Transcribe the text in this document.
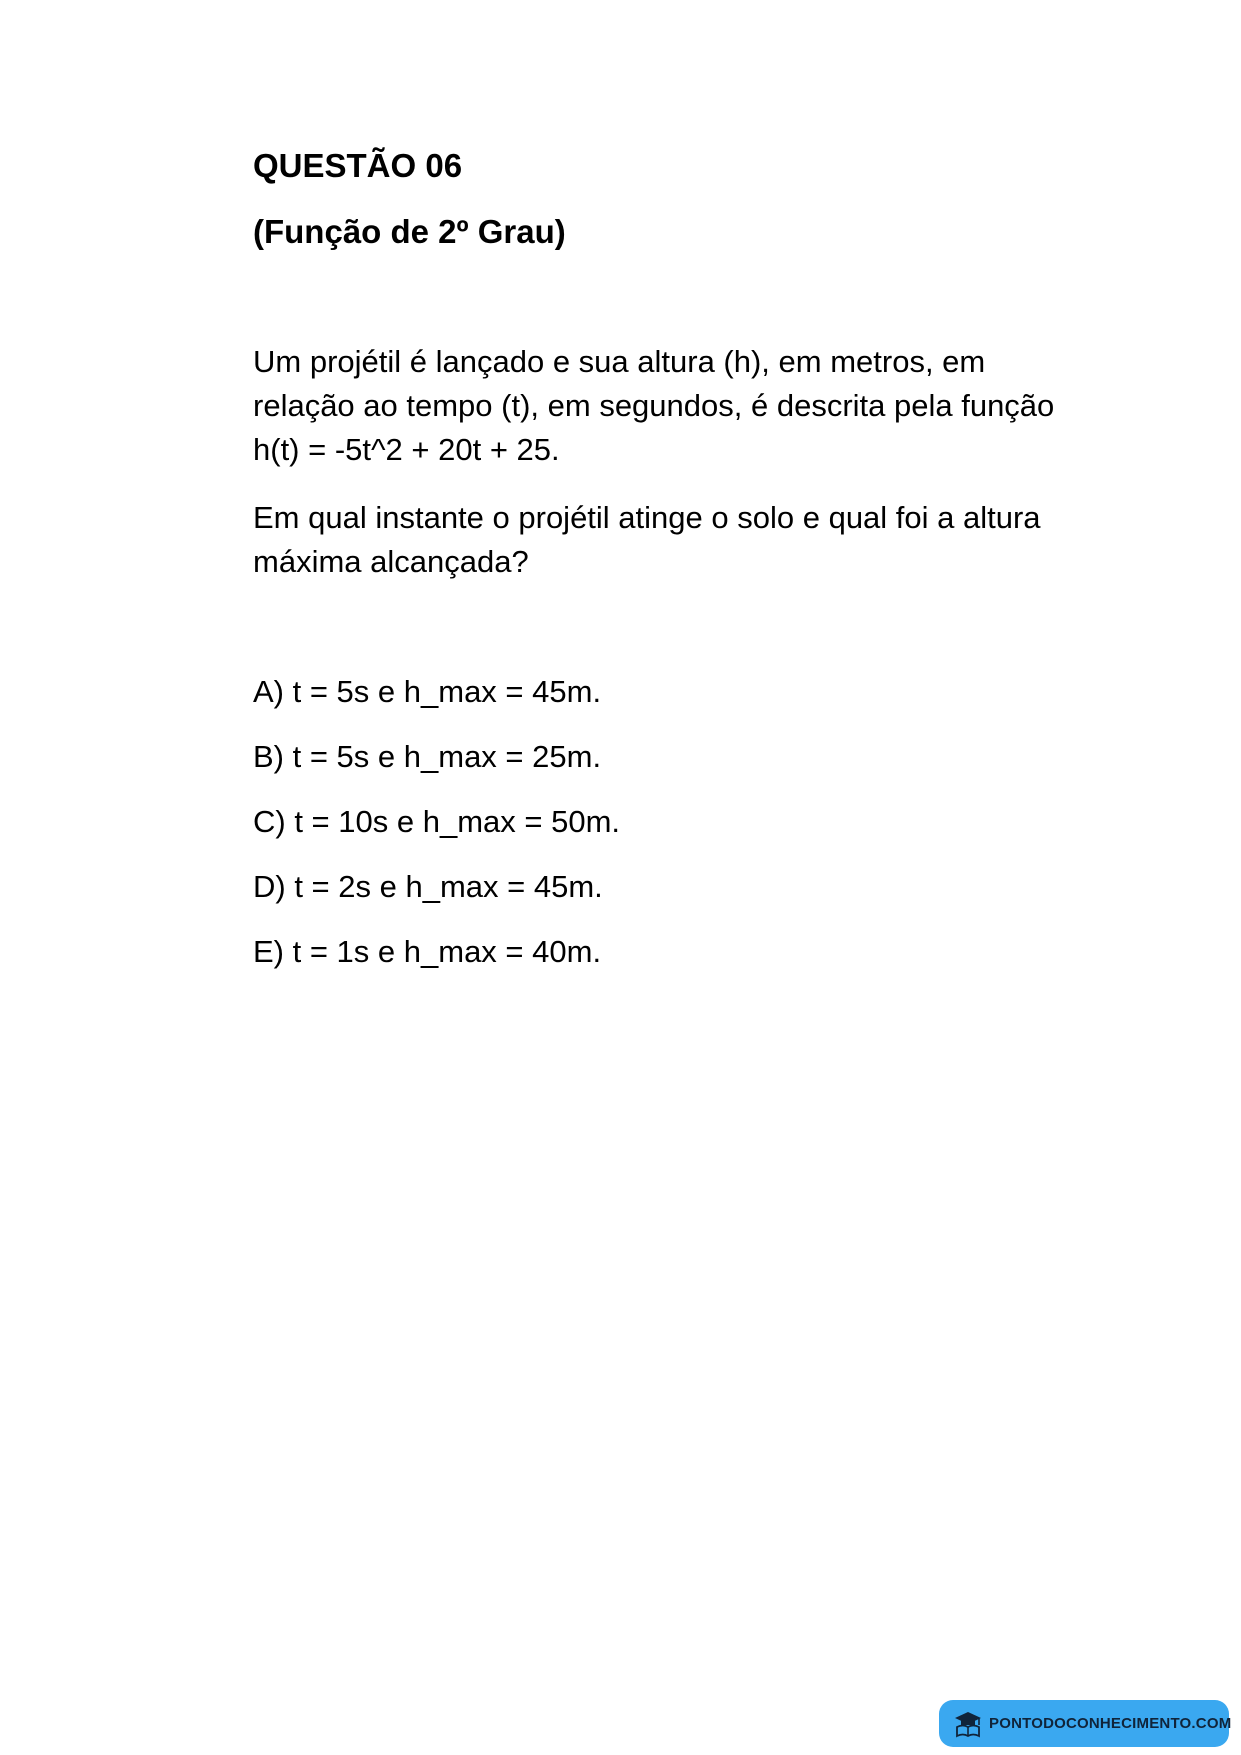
QUESTÃO 06
(Função de 2º Grau)
Um projétil é lançado e sua altura (h), em metros, em relação ao tempo (t), em segundos, é descrita pela função h(t) = -5t^2 + 20t + 25.
Em qual instante o projétil atinge o solo e qual foi a altura máxima alcançada?
A) t = 5s e h_max = 45m.
B) t = 5s e h_max = 25m.
C) t = 10s e h_max = 50m.
D) t = 2s e h_max = 45m.
E) t = 1s e h_max = 40m.
PONTODOCONHECIMENTO.COM
